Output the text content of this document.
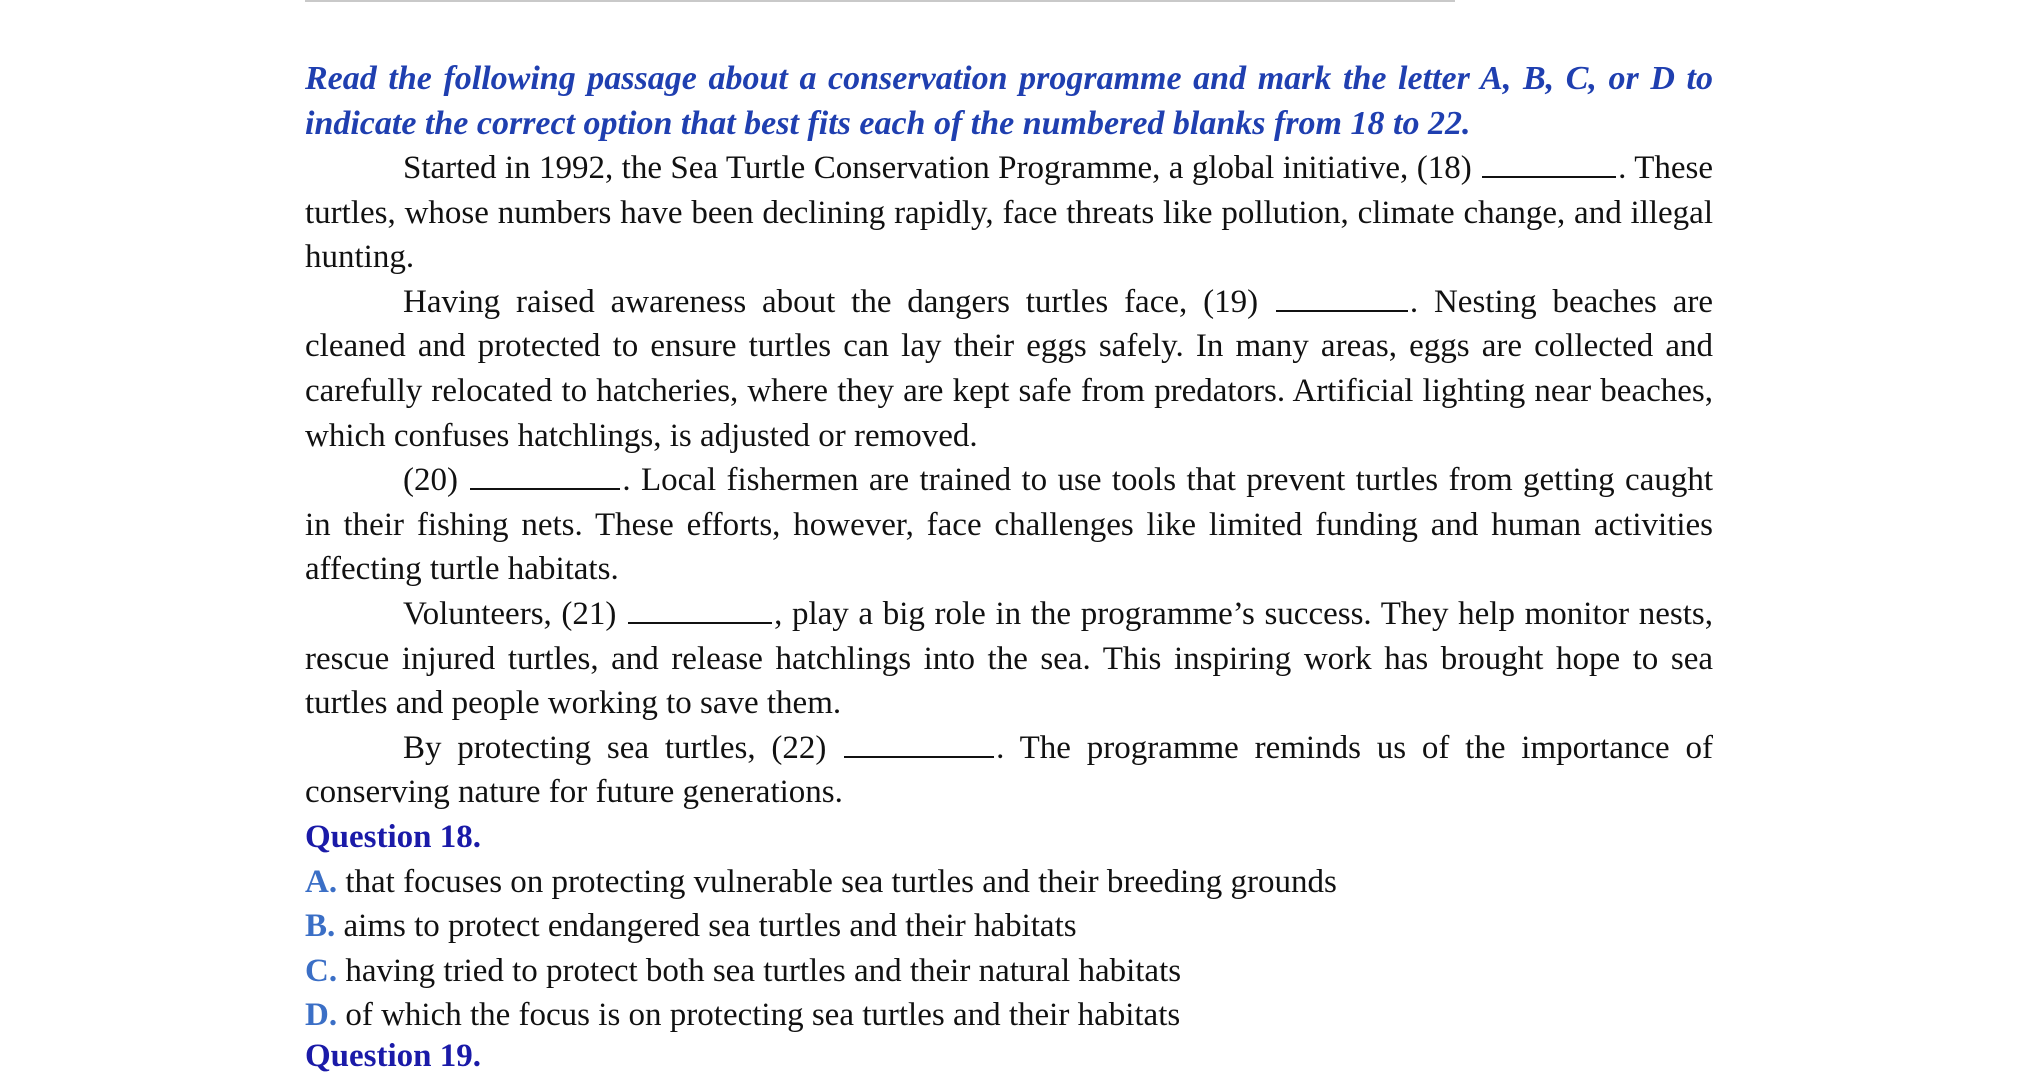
Read the following passage about a conservation programme and mark the letter A, B, C, or D to indicate the correct option that best fits each of the numbered blanks from 18 to 22.

Started in 1992, the Sea Turtle Conservation Programme, a global initiative, (18)	. These turtles, whose numbers have been declining rapidly, face threats like pollution, climate change, and illegal hunting.

Having raised awareness about the dangers turtles face, (19)	. Nesting beaches are cleaned and protected to ensure turtles can lay their eggs safely. In many areas, eggs are collected and carefully relocated to hatcheries, where they are kept safe from predators. Artificial lighting near beaches, which confuses hatchlings, is adjusted or removed.

(20)	. Local fishermen are trained to use tools that prevent turtles from getting caught in their fishing nets. These efforts, however, face challenges like limited funding and human activities affecting turtle habitats.

Volunteers, (21)	, play a big role in the programme’s success. They help monitor nests, rescue injured turtles, and release hatchlings into the sea. This inspiring work has brought hope to sea turtles and people working to save them.

By protecting sea turtles, (22)	. The programme reminds us of the importance of conserving nature for future generations.

Question 18.

A. that focuses on protecting vulnerable sea turtles and their breeding grounds

B. aims to protect endangered sea turtles and their habitats

C. having tried to protect both sea turtles and their natural habitats

D. of which the focus is on protecting sea turtles and their habitats

Question 19.
